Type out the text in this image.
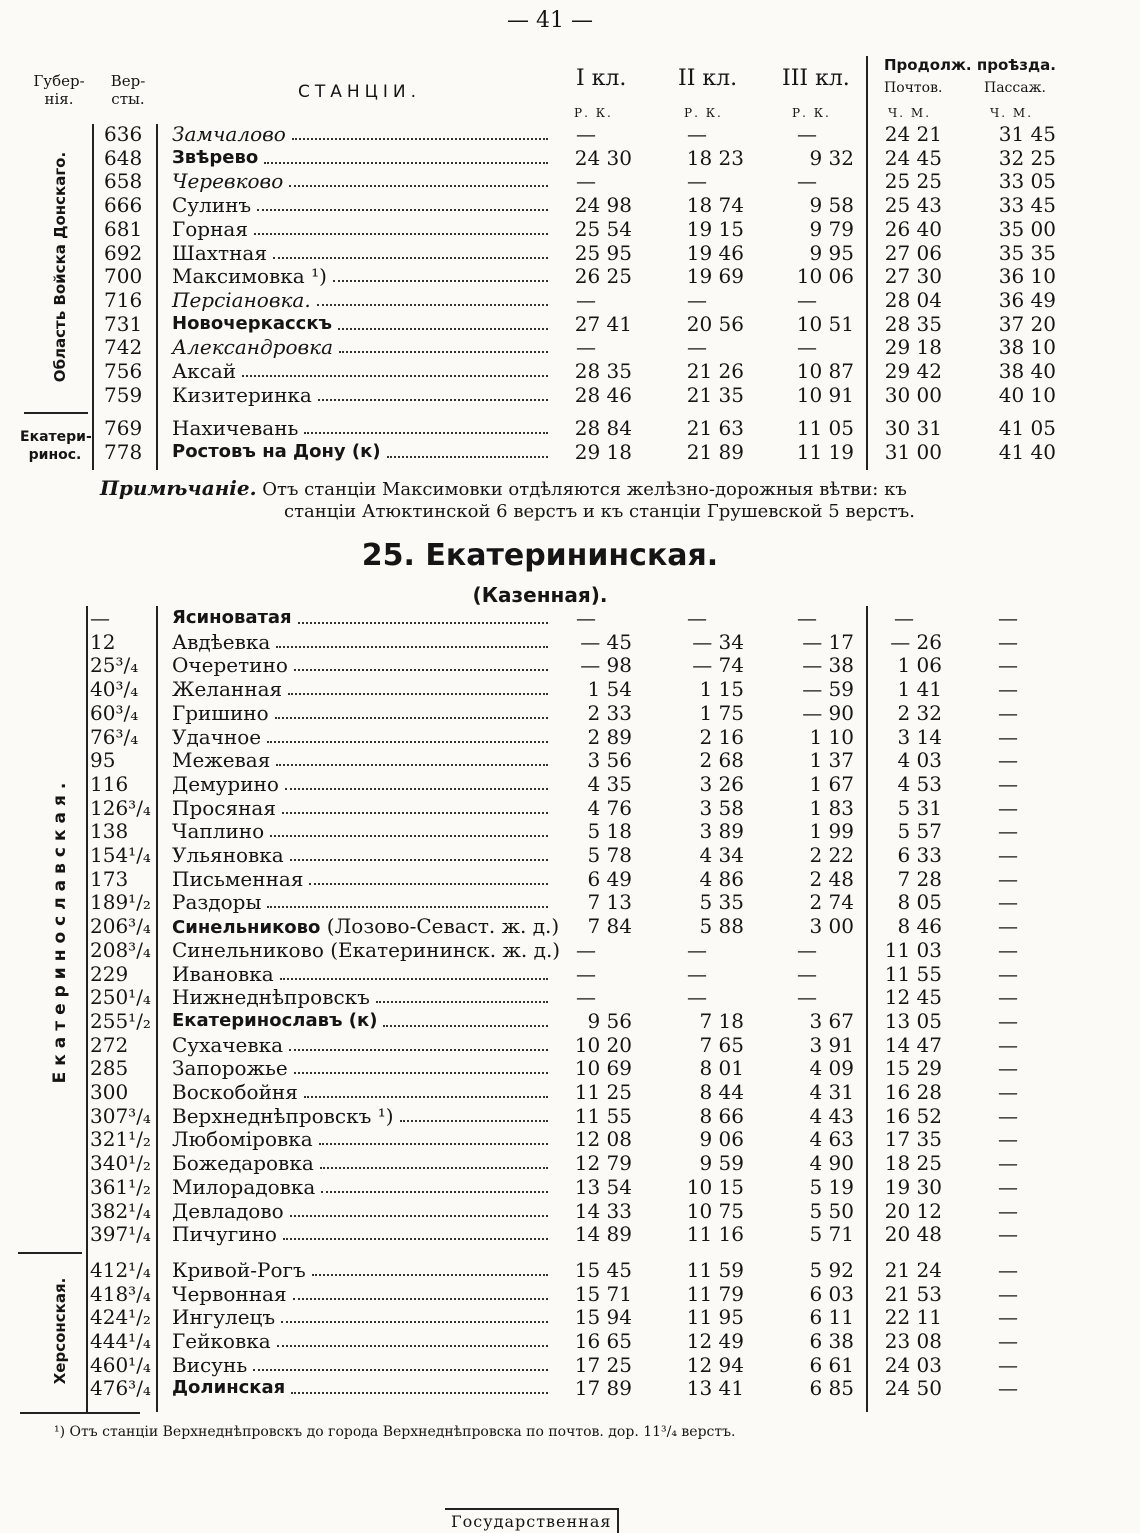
— 41 —
Губер-
нія.
Вер-
сты.	СТАНЦІИ.
I кл. II кл. III кл.
Р. К.	Р. К.	Р. К.
Продолж. проѣзда.
Почтов.	Пассаж.
Ч. М.	Ч. М.
Область Войска Донскаго.
Екатери-
ринос.
636 Замчалово	—	—	—	24 21	31 45
648 Звѣрево	24 30	18 23	9 32	24 45	32 25
658 Черевково	—	—	—	25 25	33 05
666 Сулинъ	24 98	18 74	9 58	25 43	33 45
681 Горная	25 54	19 15	9 79	26 40	35 00
692 Шахтная	25 95	19 46	9 95	27 06	35 35
700 Максимовка ¹)	26 25	19 69	10 06	27 30	36 10
716 Персіановка.	—	—	—	28 04	36 49
731 Новочеркасскъ	27 41	20 56	10 51	28 35	37 20
742 Александровка	—	—	—	29 18	38 10
756 Аксай	28 35	21 26	10 87	29 42	38 40
759 Кизитеринка	28 46	21 35	10 91	30 00	40 10
769 Нахичевань	28 84	21 63	11 05	30 31	41 05
778 Ростовъ на Дону (к)	29 18	21 89	11 19	31 00	41 40
Примѣчаніе. Отъ станціи Максимовки отдѣляются желѣзно-дорожныя вѣтви: къ
станціи Атюктинской 6 верстъ и къ станціи Грушевской 5 верстъ.
25. Екатерининская.
(Казенная).
Екатеринославская.
Херсонская.
—	Ясиноватая	—	—	—	—	—
12	Авдѣевка	— 45	— 34	— 17	— 26	—
25³/₄ Очеретино	— 98	— 74	— 38	1 06	—
40³/₄ Желанная	1 54	1 15	— 59	1 41	—
60³/₄ Гришино	2 33	1 75	— 90	2 32	—
76³/₄ Удачное	2 89	2 16	1 10	3 14	—
95	Межевая	3 56	2 68	1 37	4 03	—
116 Демурино	4 35	3 26	1 67	4 53	—
126³/₄ Просяная	4 76	3 58	1 83	5 31	—
138 Чаплино	5 18	3 89	1 99	5 57	—
154¹/₄ Ульяновка	5 78	4 34	2 22	6 33	—
173 Письменная	6 49	4 86	2 48	7 28	—
189¹/₂ Раздоры	7 13	5 35	2 74	8 05	—
206³/₄ Синельниково (Лозово-Севаст. ж. д.)	7 84	5 88	3 00	8 46	—
208³/₄ Синельниково (Екатерининск. ж. д.) —	—	—	11 03	—
229 Ивановка	—	—	—	11 55	—
250¹/₄ Нижнеднѣпровскъ	—	—	—	12 45	—
255¹/₂ Екатеринославъ (к)	9 56	7 18	3 67	13 05	—
272 Сухачевка	10 20	7 65	3 91	14 47	—
285 Запорожье	10 69	8 01	4 09	15 29	—
300 Воскобойня	11 25	8 44	4 31	16 28	—
307³/₄ Верхнеднѣпровскъ ¹)	11 55	8 66	4 43	16 52	—
321¹/₂ Любоміровка	12 08	9 06	4 63	17 35	—
340¹/₂ Божедаровка	12 79	9 59	4 90	18 25	—
361¹/₂ Милорадовка	13 54	10 15	5 19	19 30	—
382¹/₄ Девладово	14 33	10 75	5 50	20 12	—
397¹/₄ Пичугино	14 89	11 16	5 71	20 48	—
412¹/₄ Кривой-Рогъ	15 45	11 59	5 92	21 24	—
418³/₄ Червонная	15 71	11 79	6 03	21 53	—
424¹/₂ Ингулецъ	15 94	11 95	6 11	22 11	—
444¹/₄ Гейковка	16 65	12 49	6 38	23 08	—
460¹/₄ Висунь	17 25	12 94	6 61	24 03	—
476³/₄ Долинская	17 89	13 41	6 85	24 50	—
¹) Отъ станціи Верхнеднѣпровскъ до города Верхнеднѣпровска по почтов. дор. 11³/₄ верстъ.
Государственная
